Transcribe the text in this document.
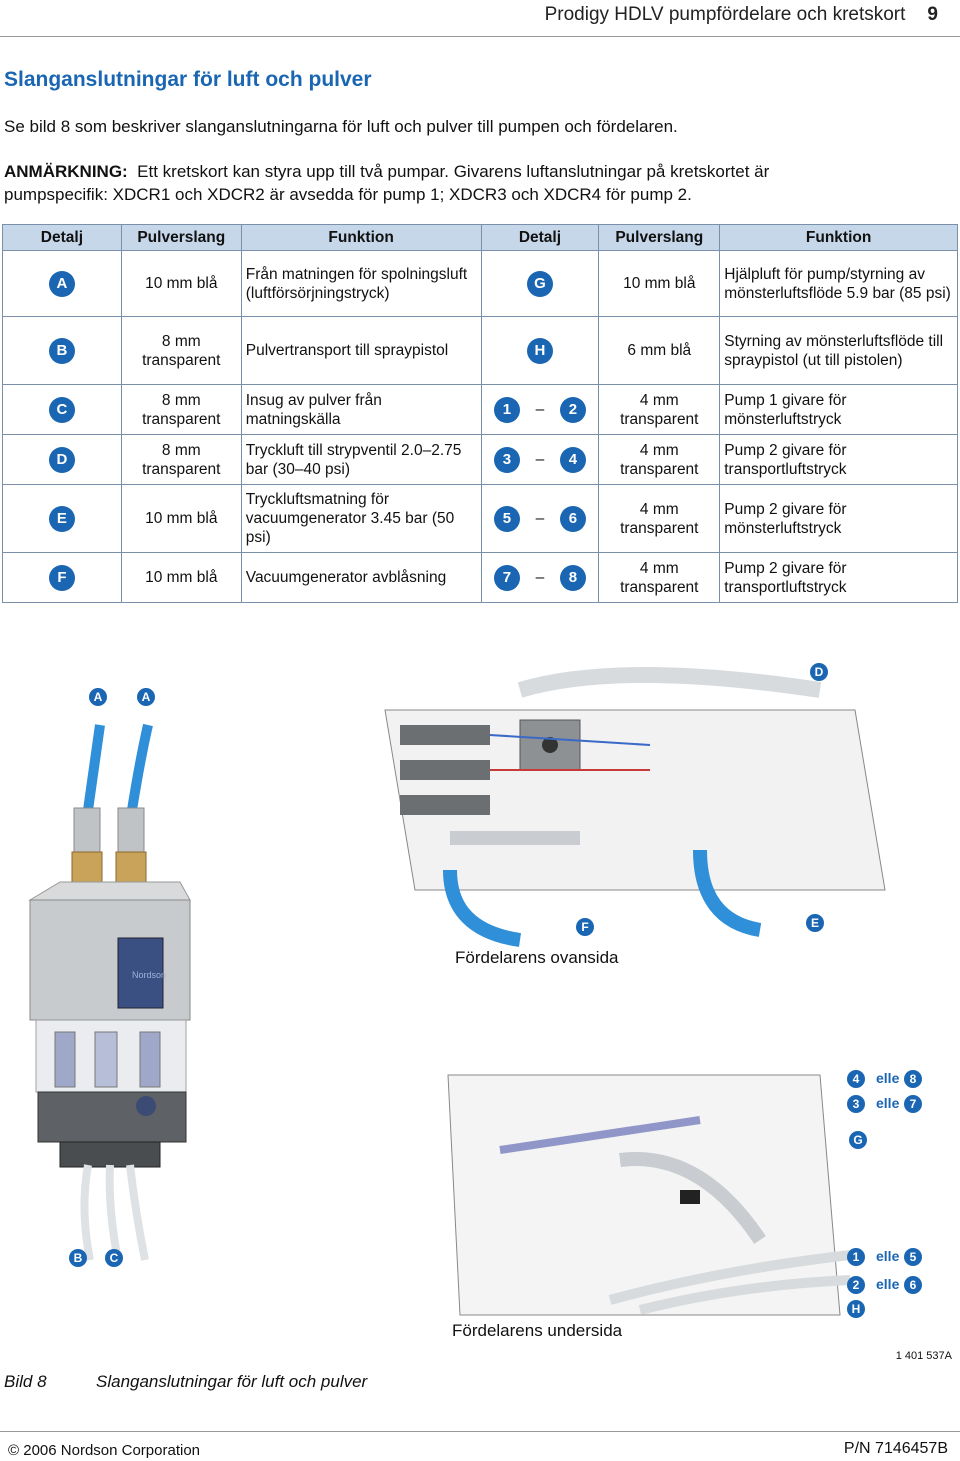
Prodigy HDLV pumpfördelare och kretskort 9
Slanganslutningar för luft och pulver
Se bild 8 som beskriver slanganslutningarna för luft och pulver till pumpen och fördelaren.
ANMÄRKNING: Ett kretskort kan styra upp till två pumpar. Givarens luftanslutningar på kretskortet är
pumpspecifik: XDCR1 och XDCR2 är avsedda för pump 1; XDCR3 och XDCR4 för pump 2.
Detalj	Pulverslang	Funktion	Detalj	Pulverslang	Funktion
A	10 mm blå	Från matningen för spolningsluft (luftförsörjningstryck)	G	10 mm blå	Hjälpluft för pump/styrning av mönsterluftsflöde 5.9 bar (85 psi)
B	8 mm transparent	Pulvertransport till spraypistol	H	6 mm blå	Styrning av mönsterluftsflöde till spraypistol (ut till pistolen)
C	8 mm transparent	Insug av pulver från matningskälla	1 – 2	4 mm transparent	Pump 1 givare för mönsterluftstryck
D	8 mm transparent	Tryckluft till strypventil 2.0–2.75 bar (30–40 psi)	3 – 4	4 mm transparent	Pump 2 givare för transportluftstryck
E	10 mm blå	Tryckluftsmatning för vacuumgenerator 3.45 bar (50 psi)	5 – 6	4 mm transparent	Pump 2 givare för mönsterluftstryck
F	10 mm blå	Vacuumgenerator avblåsning	7 – 8	4 mm transparent	Pump 2 givare för transportluftstryck
Nordson
A	A
D
F	E
Fördelarens ovansida
4	elle 8
3	elle 7
G
B	C	1	elle 5
2	elle 6
H
Fördelarens undersida
1 401 537A
Bild 8	Slanganslutningar för luft och pulver
© 2006 Nordson Corporation	P/N 7146457B
